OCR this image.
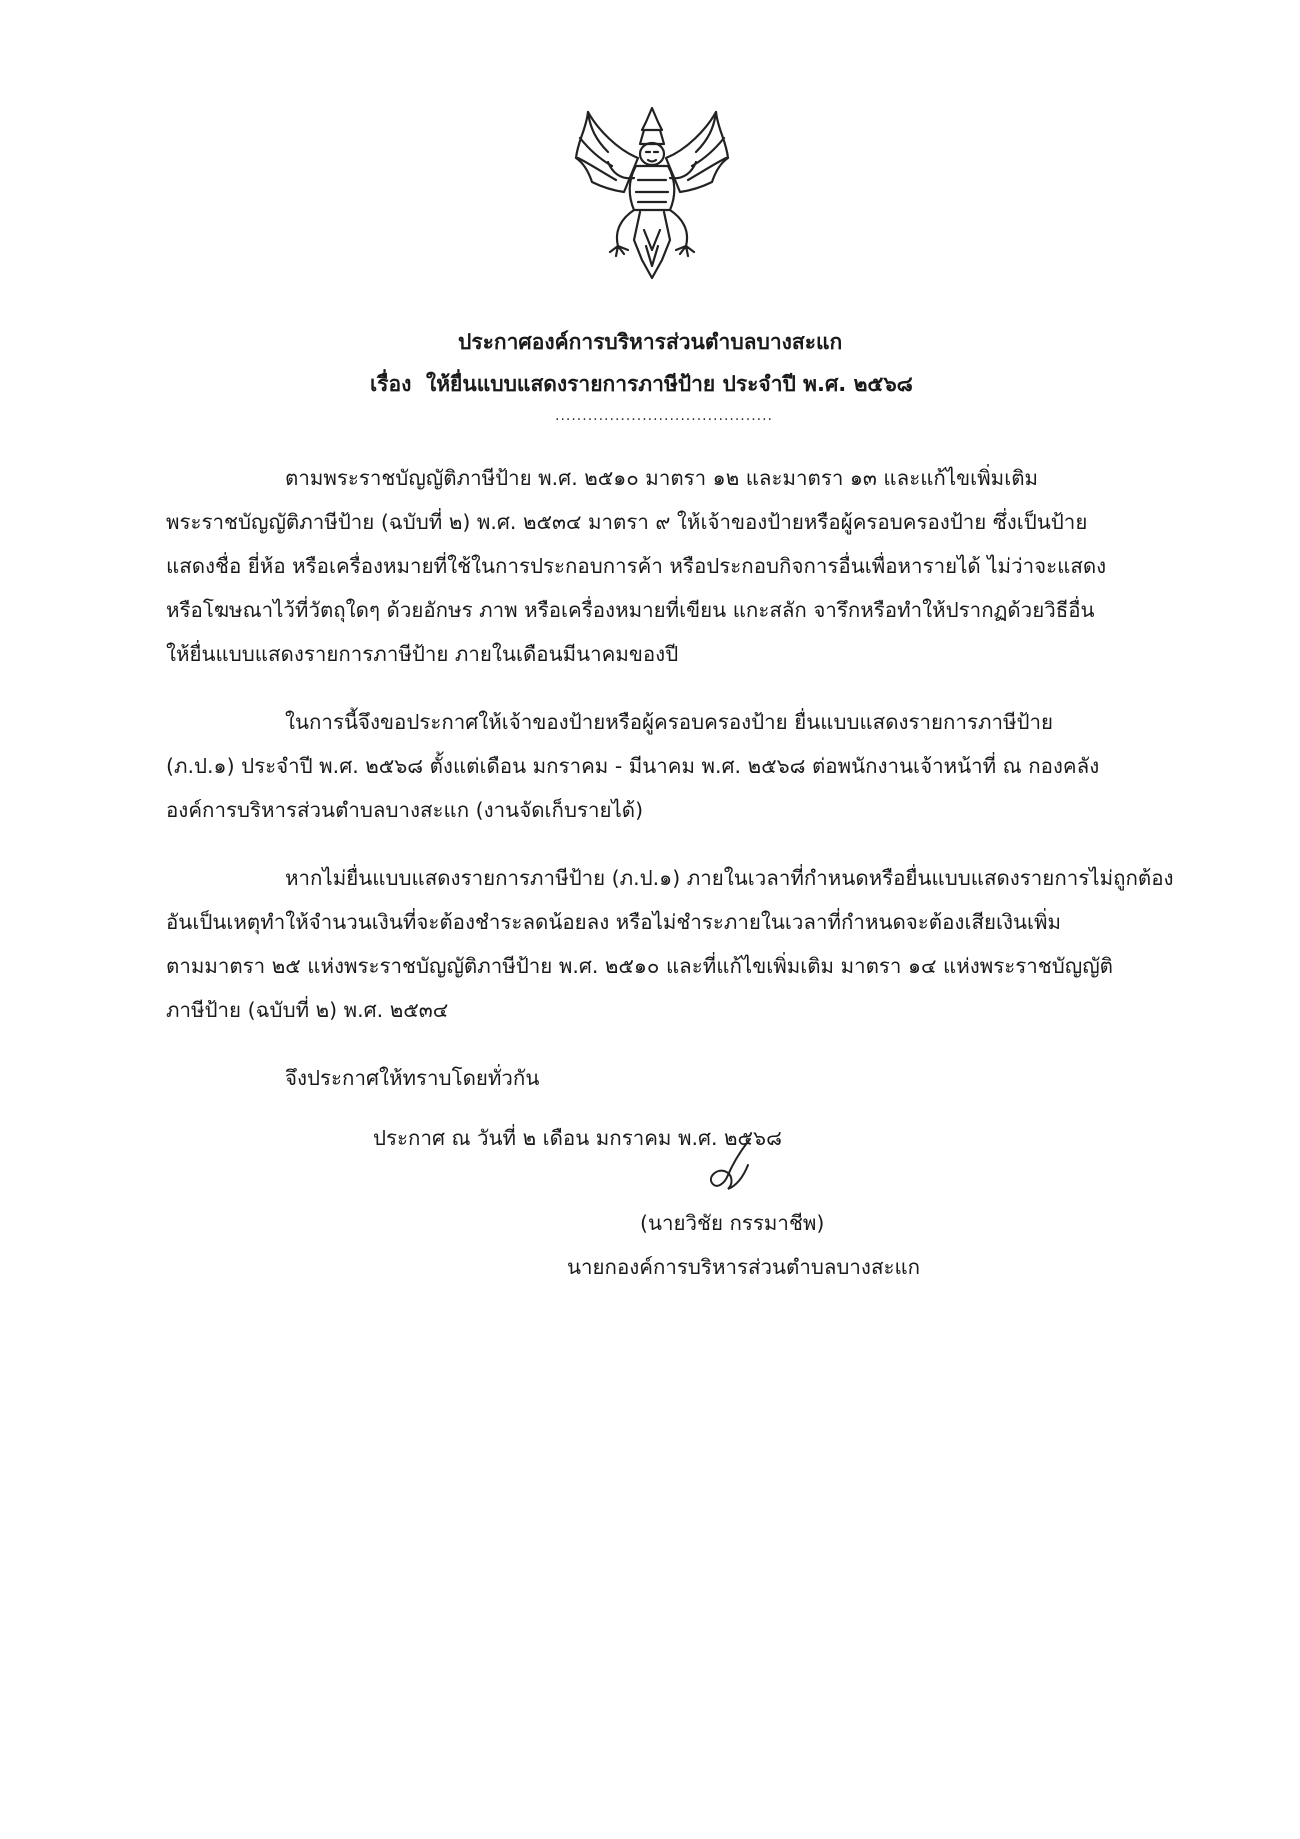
ประกาศองค์การบริหารส่วนตำบลบางสะแก
เรื่อง ให้ยื่นแบบแสดงรายการภาษีป้าย ประจำปี พ.ศ. ๒๕๖๘
........................................
ตามพระราชบัญญัติภาษีป้าย พ.ศ. ๒๕๑๐ มาตรา ๑๒ และมาตรา ๑๓ และแก้ไขเพิ่มเติม
พระราชบัญญัติภาษีป้าย (ฉบับที่ ๒) พ.ศ. ๒๕๓๔ มาตรา ๙ ให้เจ้าของป้ายหรือผู้ครอบครองป้าย ซึ่งเป็นป้าย
แสดงชื่อ ยี่ห้อ หรือเครื่องหมายที่ใช้ในการประกอบการค้า หรือประกอบกิจการอื่นเพื่อหารายได้ ไม่ว่าจะแสดง
หรือโฆษณาไว้ที่วัตถุใดๆ ด้วยอักษร ภาพ หรือเครื่องหมายที่เขียน แกะสลัก จารึกหรือทำให้ปรากฏด้วยวิธีอื่น
ให้ยื่นแบบแสดงรายการภาษีป้าย ภายในเดือนมีนาคมของปี
ในการนี้จึงขอประกาศให้เจ้าของป้ายหรือผู้ครอบครองป้าย ยื่นแบบแสดงรายการภาษีป้าย
(ภ.ป.๑) ประจำปี พ.ศ. ๒๕๖๘ ตั้งแต่เดือน มกราคม - มีนาคม พ.ศ. ๒๕๖๘ ต่อพนักงานเจ้าหน้าที่ ณ กองคลัง
องค์การบริหารส่วนตำบลบางสะแก (งานจัดเก็บรายได้)
หากไม่ยื่นแบบแสดงรายการภาษีป้าย (ภ.ป.๑) ภายในเวลาที่กำหนดหรือยื่นแบบแสดงรายการไม่ถูกต้อง
อันเป็นเหตุทำให้จำนวนเงินที่จะต้องชำระลดน้อยลง หรือไม่ชำระภายในเวลาที่กำหนดจะต้องเสียเงินเพิ่ม
ตามมาตรา ๒๕ แห่งพระราชบัญญัติภาษีป้าย พ.ศ. ๒๕๑๐ และที่แก้ไขเพิ่มเติม มาตรา ๑๔ แห่งพระราชบัญญัติ
ภาษีป้าย (ฉบับที่ ๒) พ.ศ. ๒๕๓๔
จึงประกาศให้ทราบโดยทั่วกัน
ประกาศ ณ วันที่ ๒ เดือน มกราคม พ.ศ. ๒๕๖๘
(นายวิชัย กรรมาชีพ)
นายกองค์การบริหารส่วนตำบลบางสะแก
